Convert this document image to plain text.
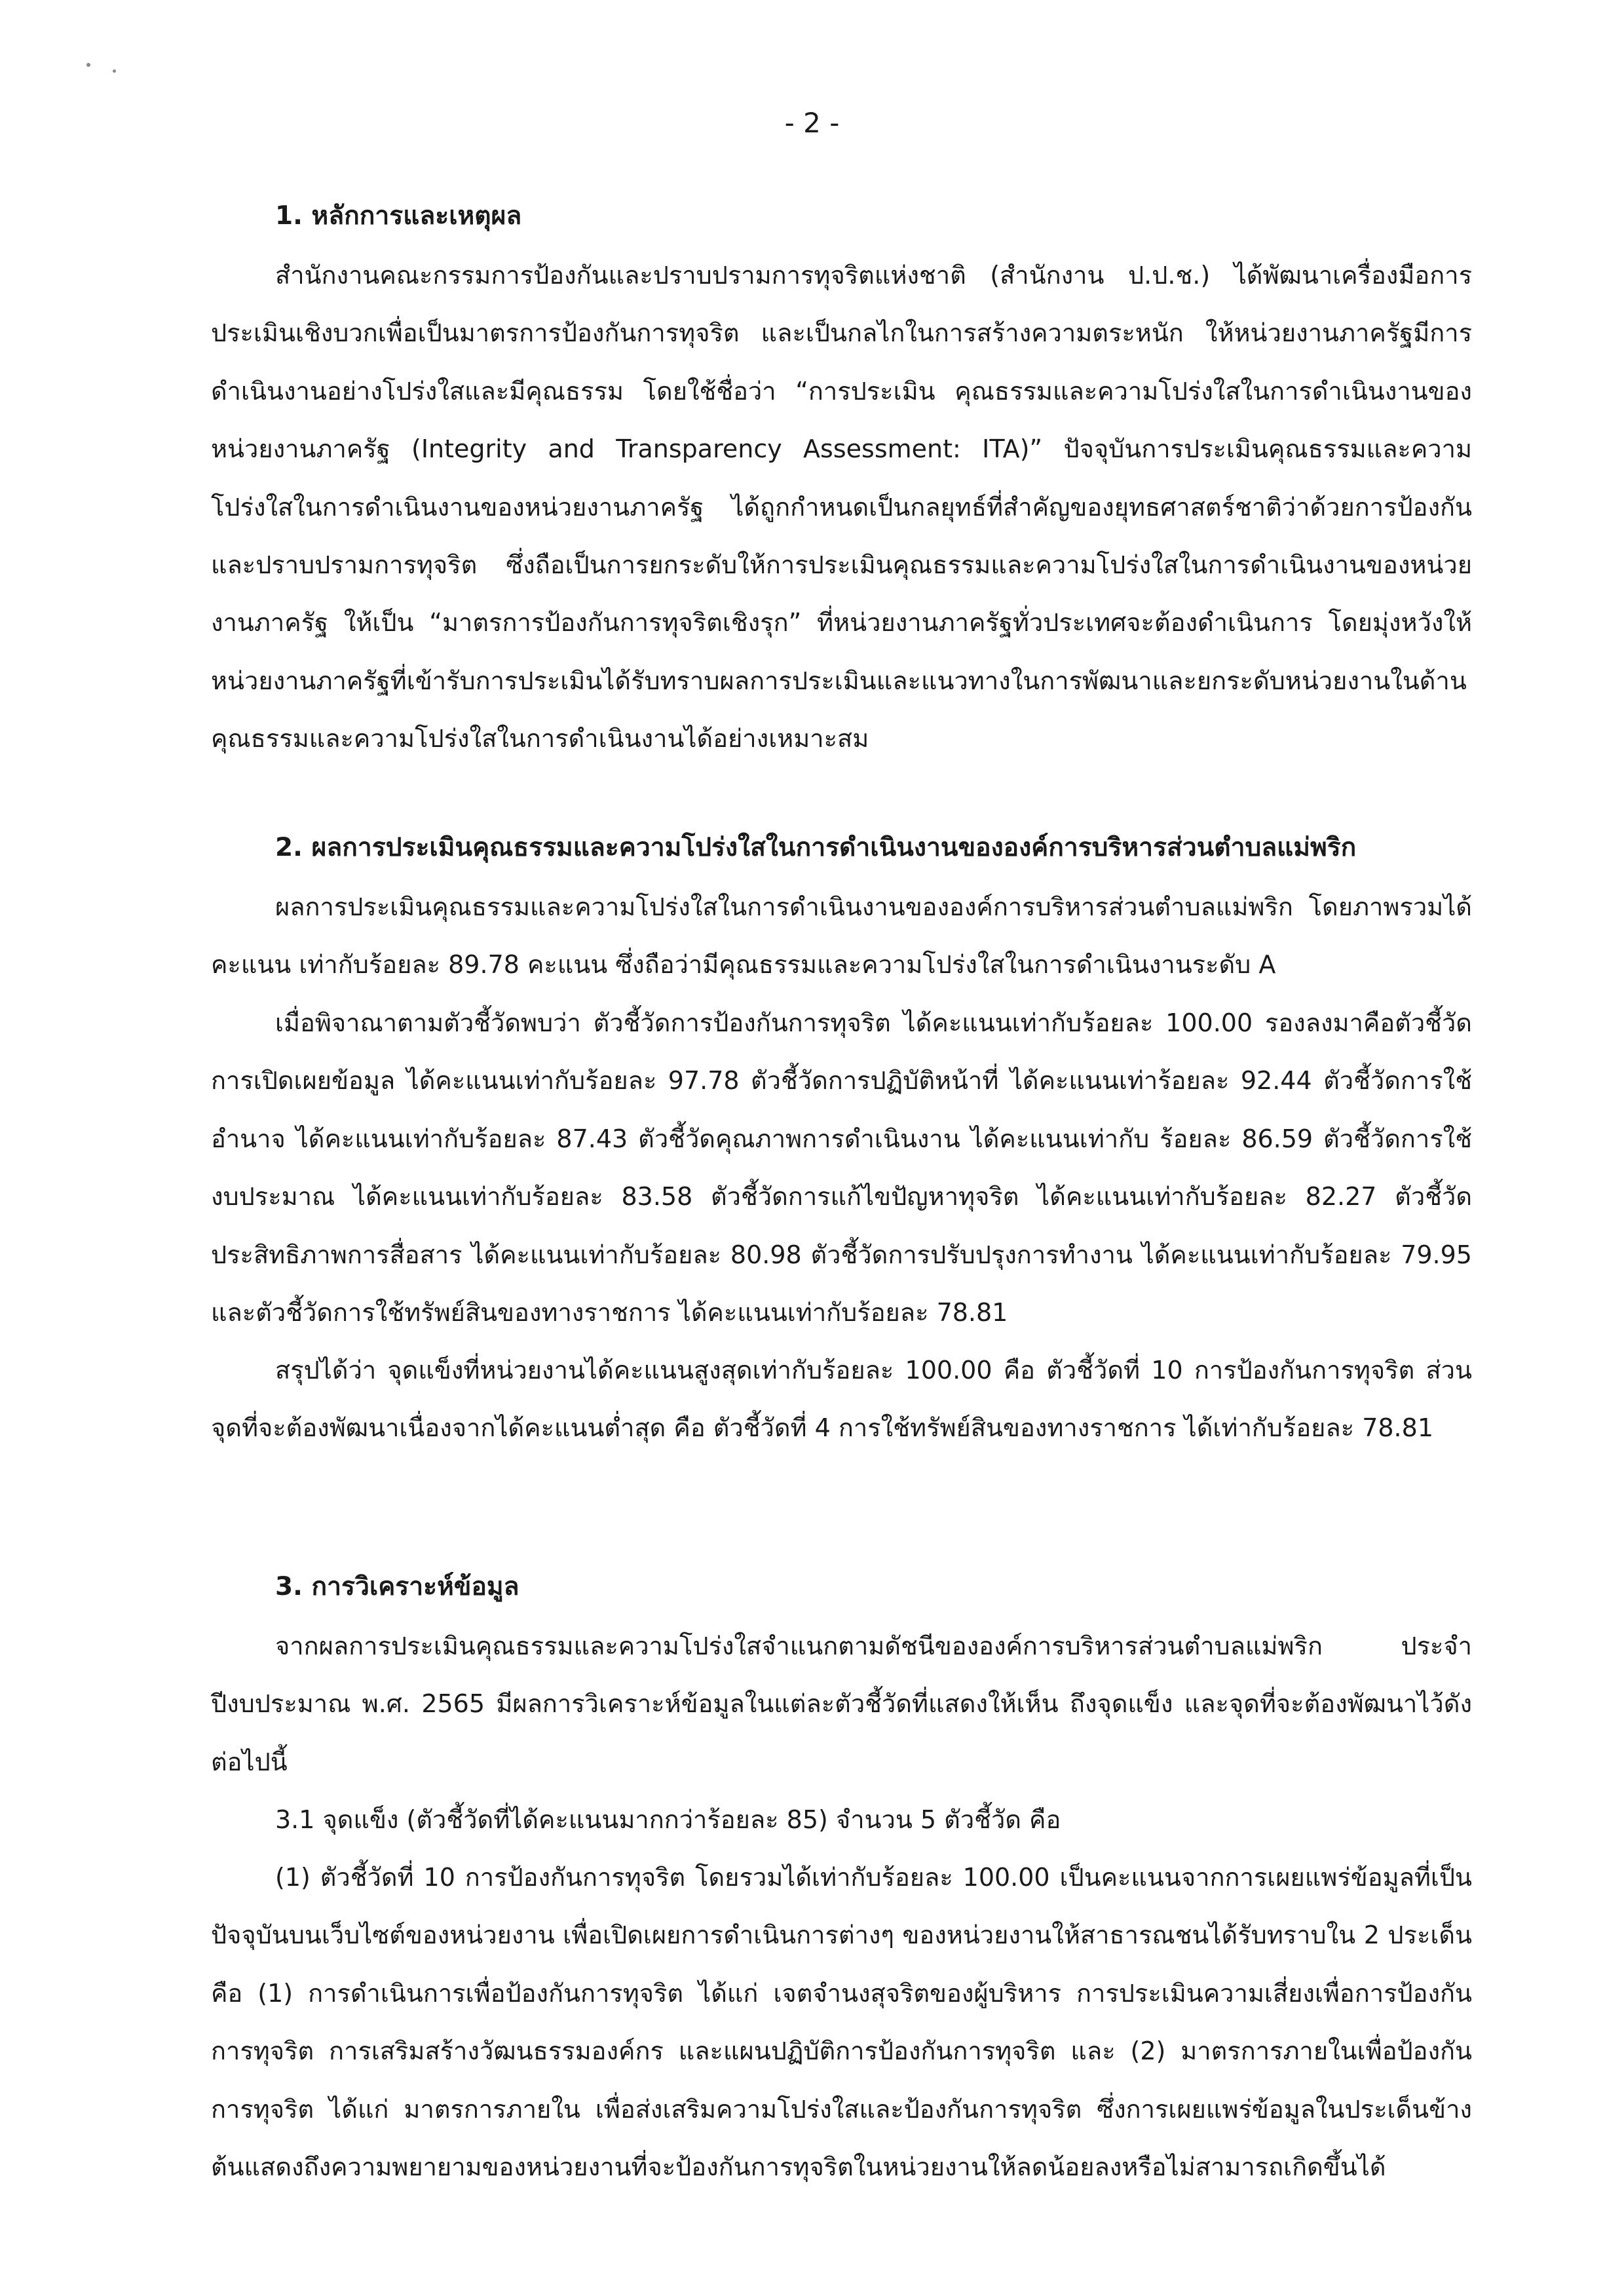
- 2 -
1. หลักการและเหตุผล

สำนักงานคณะกรรมการป้องกันและปราบปรามการทุจริตแห่งชาติ (สำนักงาน ป.ป.ช.) ได้พัฒนาเครื่องมือการประเมินเชิงบวกเพื่อเป็นมาตรการป้องกันการทุจริต และเป็นกลไกในการสร้างความตระหนัก ให้หน่วยงานภาครัฐมีการดำเนินงานอย่างโปร่งใสและมีคุณธรรม โดยใช้ชื่อว่า “การประเมิน คุณธรรมและความโปร่งใสในการดำเนินงานของหน่วยงานภาครัฐ (Integrity and Transparency Assessment: ITA)” ปัจจุบันการประเมินคุณธรรมและความโปร่งใสในการดำเนินงานของหน่วยงานภาครัฐ ได้ถูกกำหนดเป็นกลยุทธ์ที่สำคัญของยุทธศาสตร์ชาติว่าด้วยการป้องกันและปราบปรามการทุจริต ซึ่งถือเป็นการยกระดับให้การประเมินคุณธรรมและความโปร่งใสในการดำเนินงานของหน่วยงานภาครัฐ ให้เป็น “มาตรการป้องกันการทุจริตเชิงรุก” ที่หน่วยงานภาครัฐทั่วประเทศจะต้องดำเนินการ โดยมุ่งหวังให้หน่วยงานภาครัฐที่เข้ารับการประเมินได้รับทราบผลการประเมินและแนวทางในการพัฒนาและยกระดับหน่วยงานในด้านคุณธรรมและความโปร่งใสในการดำเนินงานได้อย่างเหมาะสม

2. ผลการประเมินคุณธรรมและความโปร่งใสในการดำเนินงานขององค์การบริหารส่วนตำบลแม่พริก

ผลการประเมินคุณธรรมและความโปร่งใสในการดำเนินงานขององค์การบริหารส่วนตำบลแม่พริก โดยภาพรวมได้คะแนน เท่ากับร้อยละ 89.78 คะแนน ซึ่งถือว่ามีคุณธรรมและความโปร่งใสในการดำเนินงานระดับ A

เมื่อพิจาณาตามตัวชี้วัดพบว่า ตัวชี้วัดการป้องกันการทุจริต ได้คะแนนเท่ากับร้อยละ 100.00 รองลงมาคือตัวชี้วัดการเปิดเผยข้อมูล ได้คะแนนเท่ากับร้อยละ 97.78 ตัวชี้วัดการปฏิบัติหน้าที่ ได้คะแนนเท่าร้อยละ 92.44 ตัวชี้วัดการใช้อำนาจ ได้คะแนนเท่ากับร้อยละ 87.43 ตัวชี้วัดคุณภาพการดำเนินงาน ได้คะแนนเท่ากับ ร้อยละ 86.59 ตัวชี้วัดการใช้งบประมาณ ได้คะแนนเท่ากับร้อยละ 83.58 ตัวชี้วัดการแก้ไขปัญหาทุจริต ได้คะแนนเท่ากับร้อยละ 82.27 ตัวชี้วัดประสิทธิภาพการสื่อสาร ได้คะแนนเท่ากับร้อยละ 80.98 ตัวชี้วัดการปรับปรุงการทำงาน ได้คะแนนเท่ากับร้อยละ 79.95 และตัวชี้วัดการใช้ทรัพย์สินของทางราชการ ได้คะแนนเท่ากับร้อยละ 78.81

สรุปได้ว่า จุดแข็งที่หน่วยงานได้คะแนนสูงสุดเท่ากับร้อยละ 100.00 คือ ตัวชี้วัดที่ 10 การป้องกันการทุจริต ส่วนจุดที่จะต้องพัฒนาเนื่องจากได้คะแนนต่ำสุด คือ ตัวชี้วัดที่ 4 การใช้ทรัพย์สินของทางราชการ ได้เท่ากับร้อยละ 78.81

3. การวิเคราะห์ข้อมูล

จากผลการประเมินคุณธรรมและความโปร่งใสจำแนกตามดัชนีขององค์การบริหารส่วนตำบลแม่พริก ประจำปีงบประมาณ พ.ศ. 2565 มีผลการวิเคราะห์ข้อมูลในแต่ละตัวชี้วัดที่แสดงให้เห็น ถึงจุดแข็ง และจุดที่จะต้องพัฒนาไว้ดังต่อไปนี้

3.1 จุดแข็ง (ตัวชี้วัดที่ได้คะแนนมากกว่าร้อยละ 85) จำนวน 5 ตัวชี้วัด คือ

(1) ตัวชี้วัดที่ 10 การป้องกันการทุจริต โดยรวมได้เท่ากับร้อยละ 100.00 เป็นคะแนนจากการเผยแพร่ข้อมูลที่เป็นปัจจุบันบนเว็บไซต์ของหน่วยงาน เพื่อเปิดเผยการดำเนินการต่างๆ ของหน่วยงานให้สาธารณชนได้รับทราบใน 2 ประเด็น คือ (1) การดำเนินการเพื่อป้องกันการทุจริต ได้แก่ เจตจำนงสุจริตของผู้บริหาร การประเมินความเสี่ยงเพื่อการป้องกันการทุจริต การเสริมสร้างวัฒนธรรมองค์กร และแผนปฏิบัติการป้องกันการทุจริต และ (2) มาตรการภายในเพื่อป้องกันการทุจริต ได้แก่ มาตรการภายใน เพื่อส่งเสริมความโปร่งใสและป้องกันการทุจริต ซึ่งการเผยแพร่ข้อมูลในประเด็นข้างต้นแสดงถึงความพยายามของหน่วยงานที่จะป้องกันการทุจริตในหน่วยงานให้ลดน้อยลงหรือไม่สามารถเกิดขึ้นได้
